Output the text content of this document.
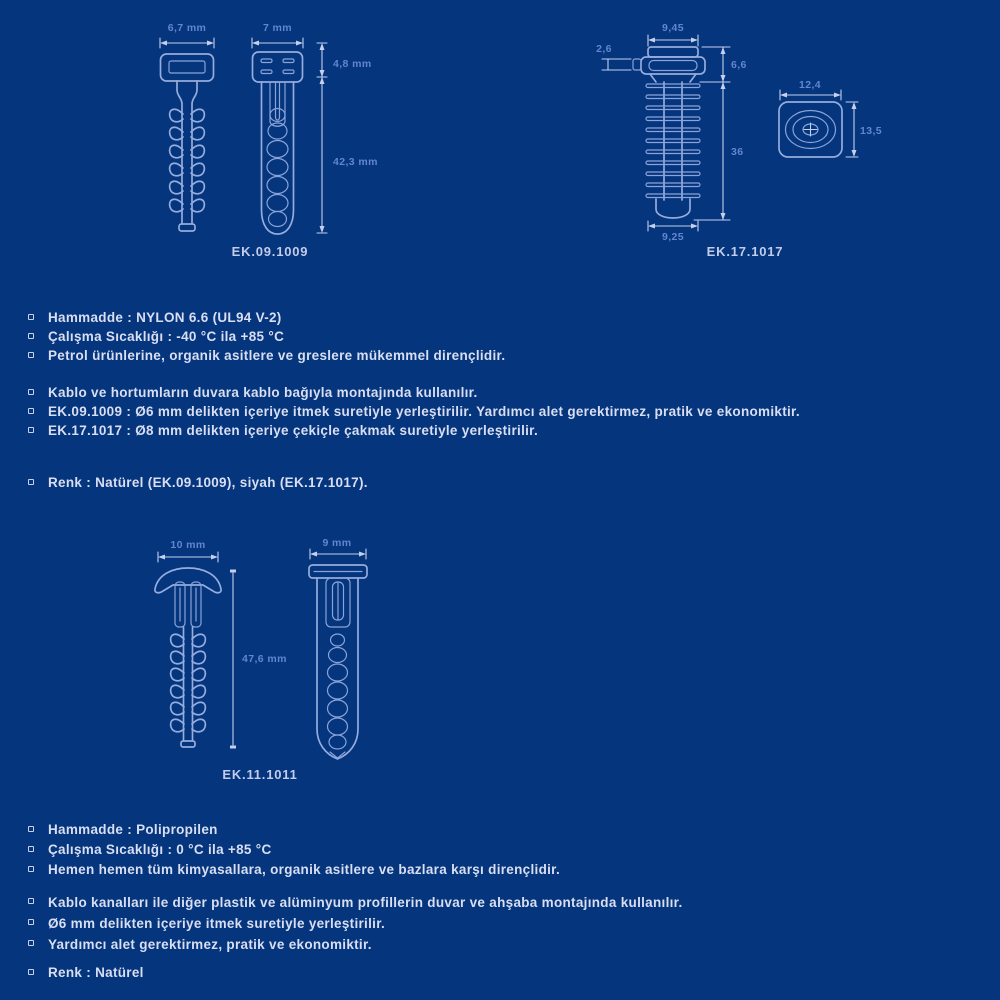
6,7 mm	7 mm
4,8 mm
42,3 mm
EK.09.1009
9,45
2,6
9,25
6,6
36
12,4
13,5
EK.17.1017
Hammadde : NYLON 6.6 (UL94 V-2)
Çalışma Sıcaklığı : -40 °C ila +85 °C
Petrol ürünlerine, organik asitlere ve greslere mükemmel dirençlidir.
Kablo ve hortumların duvara kablo bağıyla montajında kullanılır.
EK.09.1009 : Ø6 mm delikten içeriye itmek suretiyle yerleştirilir. Yardımcı alet gerektirmez, pratik ve ekonomiktir.
EK.17.1017 : Ø8 mm delikten içeriye çekiçle çakmak suretiyle yerleştirilir.
Renk : Natürel (EK.09.1009), siyah (EK.17.1017).
10 mm
47,6 mm
9 mm
EK.11.1011
Hammadde : Polipropilen
Çalışma Sıcaklığı : 0 °C ila +85 °C
Hemen hemen tüm kimyasallara, organik asitlere ve bazlara karşı dirençlidir.
Kablo kanalları ile diğer plastik ve alüminyum profillerin duvar ve ahşaba montajında kullanılır.
Ø6 mm delikten içeriye itmek suretiyle yerleştirilir.
Yardımcı alet gerektirmez, pratik ve ekonomiktir.
Renk : Natürel
